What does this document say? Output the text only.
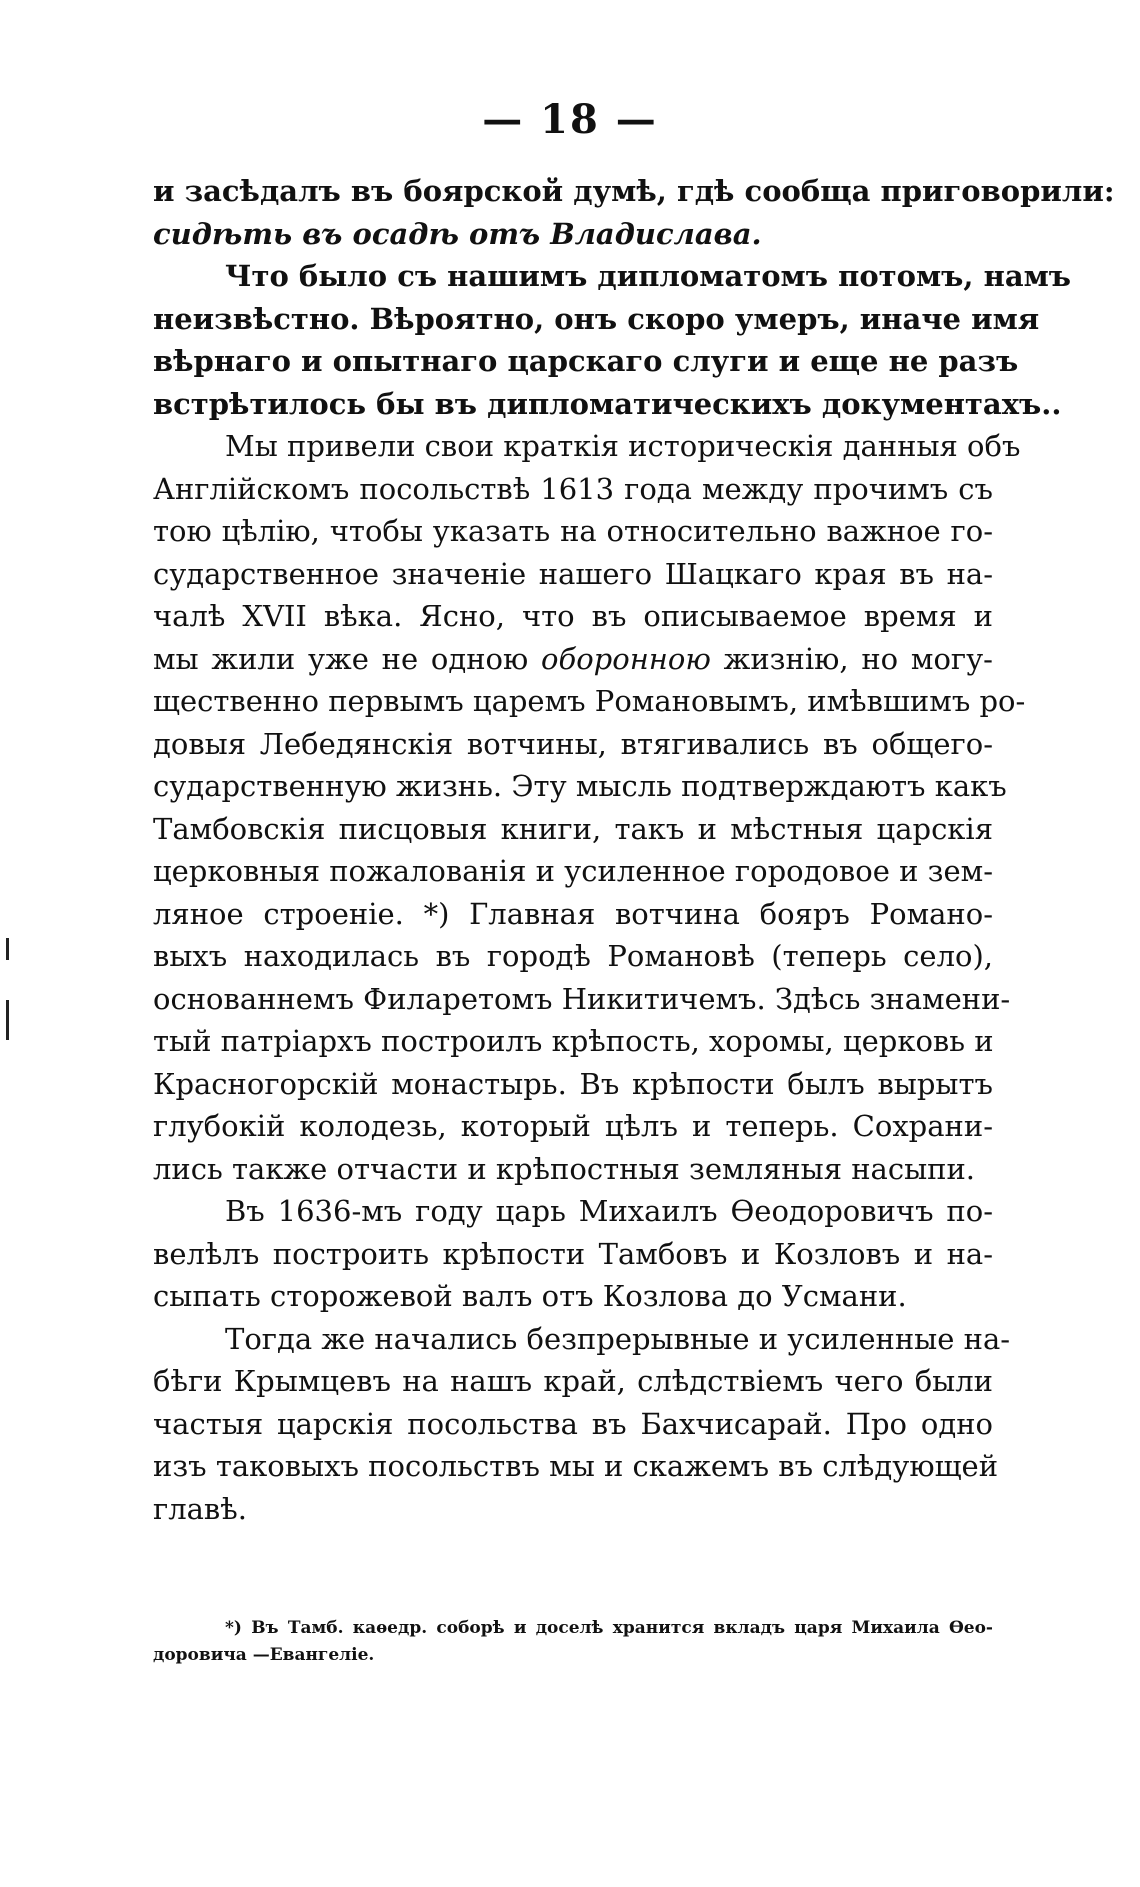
— 18 —

и засѣдалъ въ боярской думѣ, гдѣ сообща приговорили:
сидѣть въ осадѣ отъ Владислава.

Что было съ нашимъ дипломатомъ потомъ, намъ
неизвѣстно. Вѣроятно, онъ скоро умеръ, иначе имя
вѣрнаго и опытнаго царскаго слуги и еще не разъ
встрѣтилось бы въ дипломатическихъ документахъ..

Мы привели свои краткія историческія данныя объ
Англійскомъ посольствѣ 1613 года между прочимъ съ
тою цѣлію, чтобы указать на относительно важное го-
сударственное значеніе нашего Шацкаго края въ на-
чалѣ XVII вѣка. Ясно, что въ описываемое время и
мы жили уже не одною оборонною жизнію, но могу-
щественно первымъ царемъ Романовымъ, имѣвшимъ ро-
довыя Лебедянскія вотчины, втягивались въ общего-
сударственную жизнь. Эту мысль подтверждаютъ какъ
Тамбовскія писцовыя книги, такъ и мѣстныя царскія
церковныя пожалованія и усиленное городовое и зем-
ляное строеніе. *) Главная вотчина бояръ Романо-
выхъ находилась въ городѣ Романовѣ (теперь село),
основаннемъ Филаретомъ Никитичемъ. Здѣсь знамени-
тый патріархъ построилъ крѣпость, хоромы, церковь и
Красногорскій монастырь. Въ крѣпости былъ вырытъ
глубокій колодезь, который цѣлъ и теперь. Сохрани-
лись также отчасти и крѣпостныя земляныя насыпи.

Въ 1636-мъ году царь Михаилъ Ѳеодоровичъ по-
велѣлъ построить крѣпости Тамбовъ и Козловъ и на-
сыпать сторожевой валъ отъ Козлова до Усмани.

Тогда же начались безпрерывные и усиленные на-
бѣги Крымцевъ на нашъ край, слѣдствіемъ чего были
частыя царскія посольства въ Бахчисарай. Про одно
изъ таковыхъ посольствъ мы и скажемъ въ слѣдующей
главѣ.

*) Въ Тамб. каѳедр. соборѣ и доселѣ хранится вкладъ царя Михаила Ѳео-
доровича —Евангеліе.
